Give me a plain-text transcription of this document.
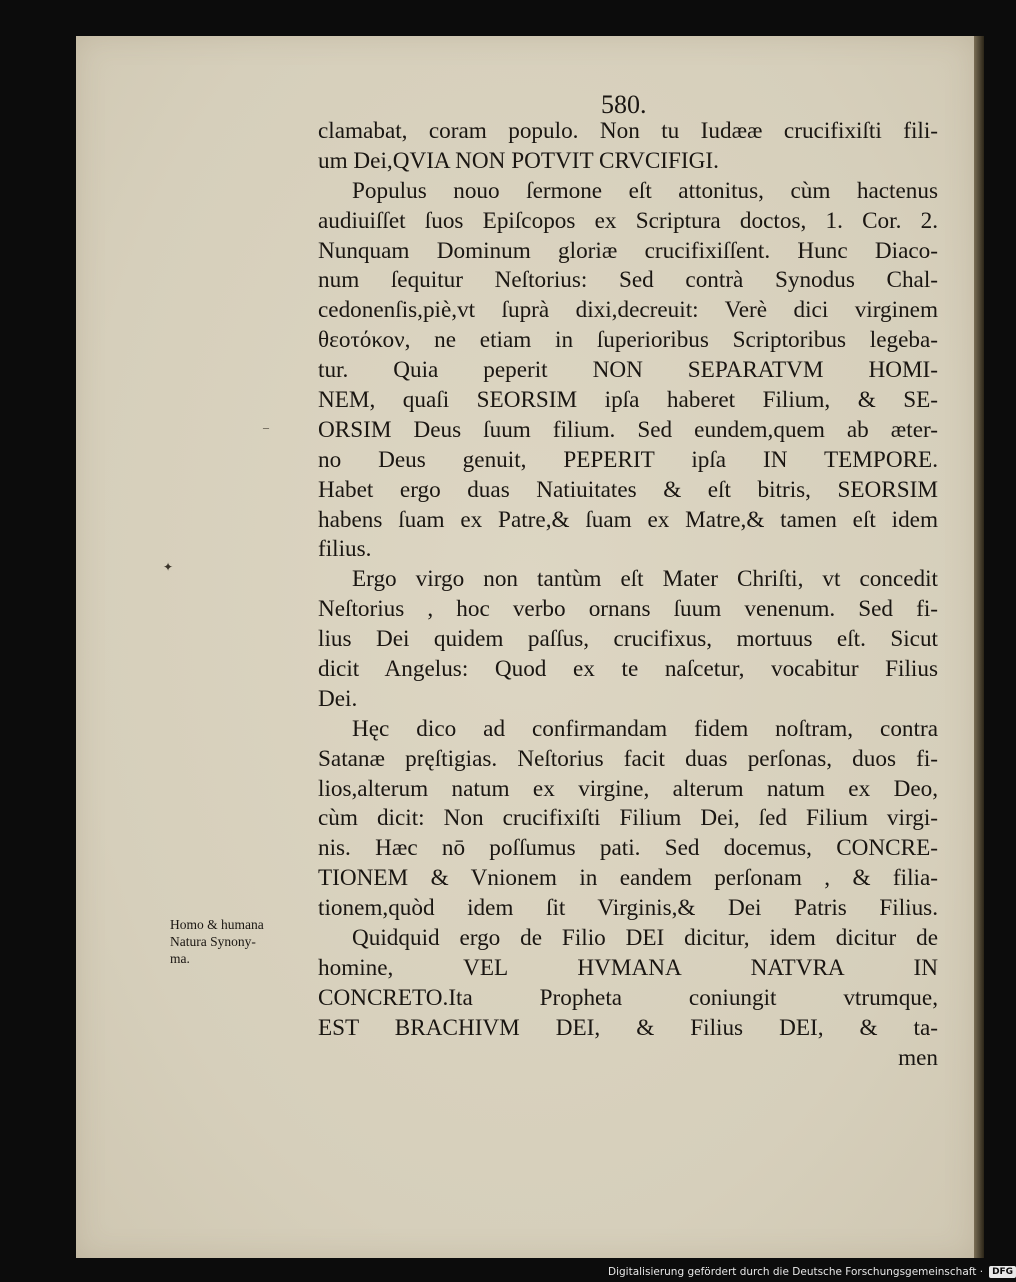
580.
clamabat, coram populo. Non tu Iudææ crucifixiſti fili-
um Dei,QVIA NON POTVIT CRVCIFIGI.
Populus nouo ſermone eſt attonitus, cùm hactenus
audiuiſſet ſuos Epiſcopos ex Scriptura doctos, 1. Cor. 2.
Nunquam Dominum gloriæ crucifixiſſent. Hunc Diaco-
num ſequitur Neſtorius: Sed contrà Synodus Chal-
cedonenſis,piè,vt ſuprà dixi,decreuit: Verè dici virginem
θεοτόκον, ne etiam in ſuperioribus Scriptoribus legeba-
tur. Quia peperit NON SEPARATVM HOMI-
NEM, quaſi SEORSIM ipſa haberet Filium, & SE-
ORSIM Deus ſuum filium. Sed eundem,quem ab æter-
no Deus genuit, PEPERIT ipſa IN TEMPORE.
Habet ergo duas Natiuitates & eſt bitris, SEORSIM
habens ſuam ex Patre,& ſuam ex Matre,& tamen eſt idem
filius.
Ergo virgo non tantùm eſt Mater Chriſti, vt concedit
Neſtorius , hoc verbo ornans ſuum venenum. Sed fi-
lius Dei quidem paſſus, crucifixus, mortuus eſt. Sicut
dicit Angelus: Quod ex te naſcetur, vocabitur Filius
Dei.
Hęc dico ad confirmandam fidem noſtram, contra
Satanæ pręſtigias. Neſtorius facit duas perſonas, duos fi-
lios,alterum natum ex virgine, alterum natum ex Deo,
cùm dicit: Non crucifixiſti Filium Dei, ſed Filium virgi-
nis. Hæc nō poſſumus pati. Sed docemus, CONCRE-
TIONEM & Vnionem in eandem perſonam , & filia-
tionem,quòd idem ſit Virginis,& Dei Patris Filius.
Quidquid ergo de Filio DEI dicitur, idem dicitur de
homine, VEL HVMANA NATVRA IN
CONCRETO.Ita Propheta coniungit vtrumque,
EST BRACHIVM DEI, & Filius DEI, & ta-
men
Homo & humana
Natura Synony-
ma.
✦
–
Digitalisierung gefördert durch die Deutsche Forschungsgemeinschaft ·	DFG
